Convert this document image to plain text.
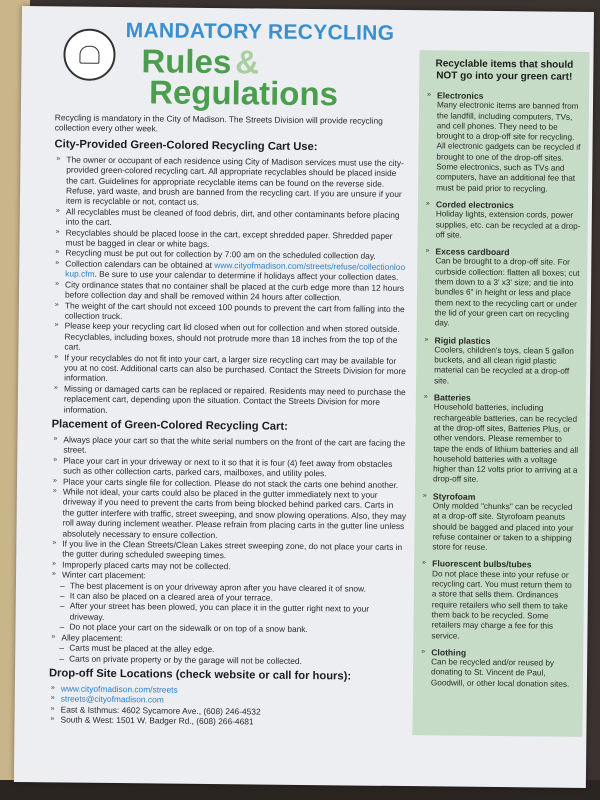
MANDATORY RECYCLING
Rules &
Regulations

Recycling is mandatory in the City of Madison. The Streets Division will provide recycling collection every other week.

City-Provided Green-Colored Recycling Cart Use:
» The owner or occupant of each residence using City of Madison services must use the city-provided green-colored recycling cart. All appropriate recyclables should be placed inside the cart. Guidelines for appropriate recyclable items can be found on the reverse side. Refuse, yard waste, and brush are banned from the recycling cart. If you are unsure if your item is recyclable or not, contact us.
» All recyclables must be cleaned of food debris, dirt, and other contaminants before placing into the cart.
» Recyclables should be placed loose in the cart, except shredded paper. Shredded paper must be bagged in clear or white bags.
» Recycling must be put out for collection by 7:00 am on the scheduled collection day.
» Collection calendars can be obtained at www.cityofmadison.com/streets/refuse/collectionlookup.cfm. Be sure to use your calendar to determine if holidays affect your collection dates.
» City ordinance states that no container shall be placed at the curb edge more than 12 hours before collection day and shall be removed within 24 hours after collection.
» The weight of the cart should not exceed 100 pounds to prevent the cart from falling into the collection truck.
» Please keep your recycling cart lid closed when out for collection and when stored outside. Recyclables, including boxes, should not protrude more than 18 inches from the top of the cart.
» If your recyclables do not fit into your cart, a larger size recycling cart may be available for you at no cost. Additional carts can also be purchased. Contact the Streets Division for more information.
» Missing or damaged carts can be replaced or repaired. Residents may need to purchase the replacement cart, depending upon the situation. Contact the Streets Division for more information.
Placement of Green-Colored Recycling Cart:
» Always place your cart so that the white serial numbers on the front of the cart are facing the street.
» Place your cart in your driveway or next to it so that it is four (4) feet away from obstacles such as other collection carts, parked cars, mailboxes, and utility poles.
» Place your carts single file for collection. Please do not stack the carts one behind another.
» While not ideal, your carts could also be placed in the gutter immediately next to your driveway if you need to prevent the carts from being blocked behind parked cars. Carts in the gutter interfere with traffic, street sweeping, and snow plowing operations. Also, they may roll away during inclement weather. Please refrain from placing carts in the gutter line unless absolutely necessary to ensure collection.
» If you live in the Clean Streets/Clean Lakes street sweeping zone, do not place your carts in the gutter during scheduled sweeping times.
» Improperly placed carts may not be collected.
» Winter cart placement:
– The best placement is on your driveway apron after you have cleared it of snow.
– It can also be placed on a cleared area of your terrace.
– After your street has been plowed, you can place it in the gutter right next to your driveway.
– Do not place your cart on the sidewalk or on top of a snow bank.
» Alley placement:
– Carts must be placed at the alley edge.
– Carts on private property or by the garage will not be collected.
Drop-off Site Locations (check website or call for hours):
» www.cityofmadison.com/streets
» streets@cityofmadison.com
» East & Isthmus: 4602 Sycamore Ave., (608) 246-4532
» South & West: 1501 W. Badger Rd., (608) 266-4681
Recyclable items that should NOT go into your green cart!
» Electronics
Many electronic items are banned from the landfill, including computers, TVs, and cell phones. They need to be brought to a drop-off site for recycling. All electronic gadgets can be recycled if brought to one of the drop-off sites. Some electronics, such as TVs and computers, have an additional fee that must be paid prior to recycling.
» Corded electronics
Holiday lights, extension cords, power supplies, etc. can be recycled at a drop-off site.
» Excess cardboard
Can be brought to a drop-off site. For curbside collection: flatten all boxes; cut them down to a 3' x3' size; and tie into bundles 6" in height or less and place them next to the recycling cart or under the lid of your green cart on recycling day.
» Rigid plastics
Coolers, children's toys, clean 5 gallon buckets, and all clean rigid plastic material can be recycled at a drop-off site.
» Batteries
Household batteries, including rechargeable batteries, can be recycled at the drop-off sites, Batteries Plus, or other vendors. Please remember to tape the ends of lithium batteries and all household batteries with a voltage higher than 12 volts prior to arriving at a drop-off site.
» Styrofoam
Only molded "chunks" can be recycled at a drop-off site. Styrofoam peanuts should be bagged and placed into your refuse container or taken to a shipping store for reuse.
» Fluorescent bulbs/tubes
Do not place these into your refuse or recycling cart. You must return them to a store that sells them. Ordinances require retailers who sell them to take them back to be recycled. Some retailers may charge a fee for this service.
» Clothing
Can be recycled and/or reused by donating to St. Vincent de Paul, Goodwill, or other local donation sites.
